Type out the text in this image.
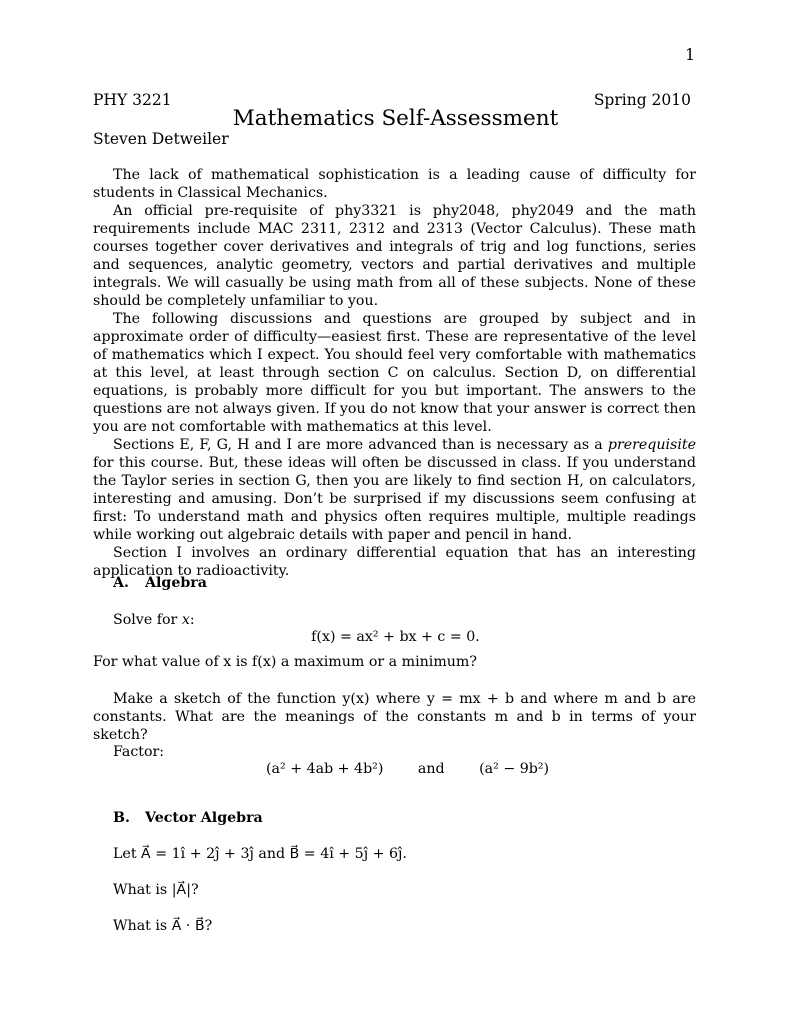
1
PHY 3221	Spring 2010
Mathematics Self-Assessment
Steven Detweiler

The lack of mathematical sophistication is a leading cause of difficulty for students in Classical Mechanics.

An official pre-requisite of phy3321 is phy2048, phy2049 and the math requirements include MAC 2311, 2312 and 2313 (Vector Calculus). These math courses together cover derivatives and integrals of trig and log functions, series and sequences, analytic geometry, vectors and partial derivatives and multiple integrals. We will casually be using math from all of these subjects. None of these should be completely unfamiliar to you.

The following discussions and questions are grouped by subject and in approximate order of difficulty—easiest first. These are representative of the level of mathematics which I expect. You should feel very comfortable with mathematics at this level, at least through section C on calculus. Section D, on differential equations, is probably more difficult for you but important. The answers to the questions are not always given. If you do not know that your answer is correct then you are not comfortable with mathematics at this level.

Sections E, F, G, H and I are more advanced than is necessary as a prerequisite for this course. But, these ideas will often be discussed in class. If you understand the Taylor series in section G, then you are likely to find section H, on calculators, interesting and amusing. Don’t be surprised if my discussions seem confusing at first: To understand math and physics often requires multiple, multiple readings while working out algebraic details with paper and pencil in hand.

Section I involves an ordinary differential equation that has an interesting application to radioactivity.

A. Algebra
Solve for x:
f(x) = ax² + bx + c = 0.
For what value of x is f(x) a maximum or a minimum?

Make a sketch of the function y(x) where y = mx + b and where m and b are constants. What are the meanings of the constants m and b in terms of your sketch?

Factor:
(a² + 4ab + 4b²) and (a² − 9b²)
B. Vector Algebra
Let A⃗ = 1î + 2ĵ + 3ĵ and B⃗ = 4î + 5ĵ + 6ĵ.
What is |A⃗|?
What is A⃗ · B⃗?
